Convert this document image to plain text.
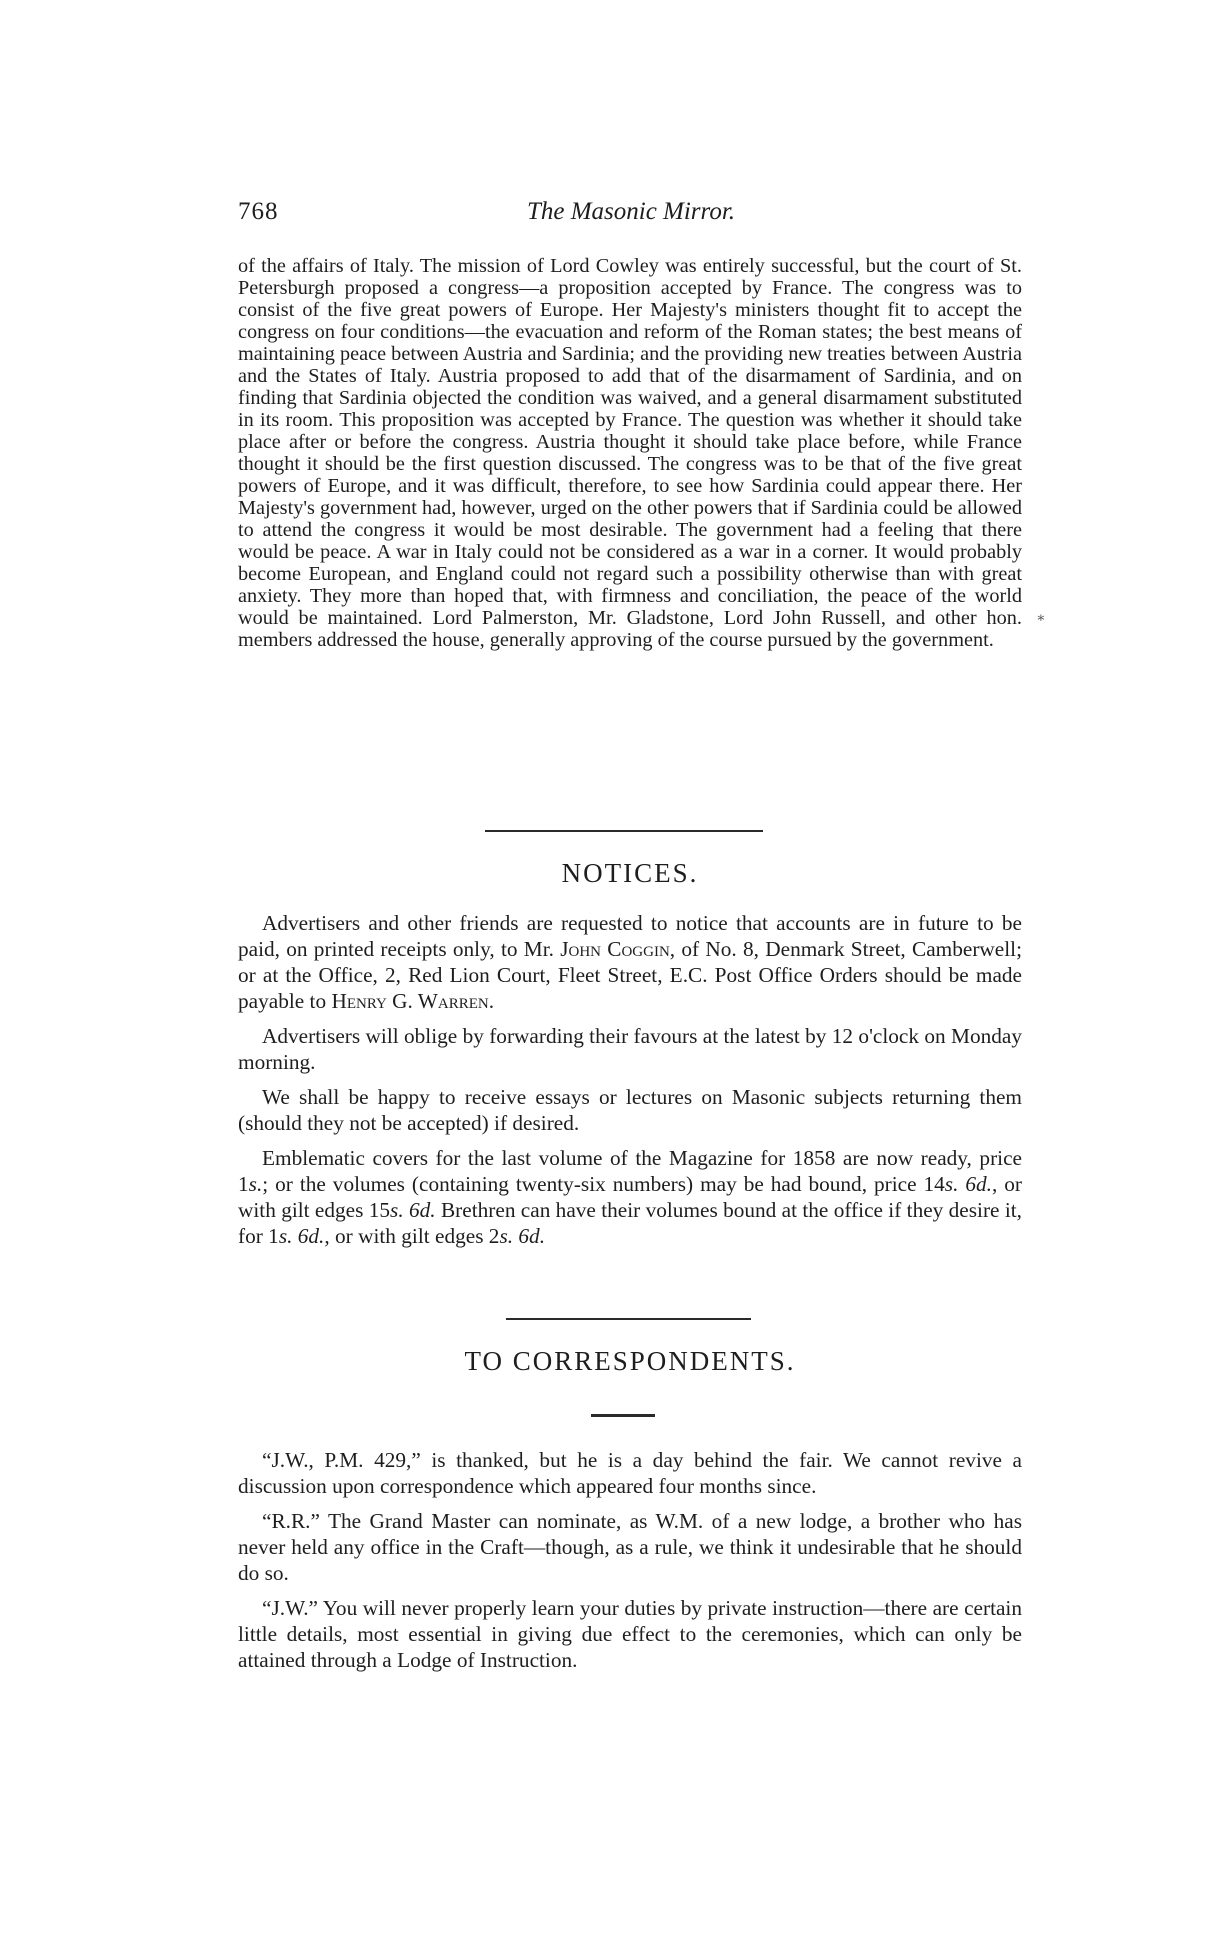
768	The Masonic Mirror.

of the affairs of Italy. The mission of Lord Cowley was entirely successful, but the court of St. Petersburgh proposed a congress—a proposition accepted by France. The congress was to consist of the five great powers of Europe. Her Majesty's ministers thought fit to accept the congress on four conditions—the evacuation and reform of the Roman states; the best means of maintaining peace between Austria and Sardinia; and the providing new treaties between Austria and the States of Italy. Austria proposed to add that of the disarmament of Sardinia, and on finding that Sardinia objected the condition was waived, and a general disarmament substituted in its room. This proposition was accepted by France. The question was whether it should take place after or before the congress. Austria thought it should take place before, while France thought it should be the first question discussed. The congress was to be that of the five great powers of Europe, and it was difficult, therefore, to see how Sardinia could appear there. Her Majesty's government had, however, urged on the other powers that if Sardinia could be allowed to attend the congress it would be most desirable. The government had a feeling that there would be peace. A war in Italy could not be considered as a war in a corner. It would probably become European, and England could not regard such a possibility otherwise than with great anxiety. They more than hoped that, with firmness and conciliation, the peace of the world would be maintained. Lord Palmerston, Mr. Gladstone, Lord John Russell, and other hon. members addressed the house, generally approving of the course pursued by the government.

∗
NOTICES.

Advertisers and other friends are requested to notice that accounts are in future to be paid, on printed receipts only, to Mr. John Coggin, of No. 8, Denmark Street, Camberwell; or at the Office, 2, Red Lion Court, Fleet Street, E.C. Post Office Orders should be made payable to Henry G. Warren.

Advertisers will oblige by forwarding their favours at the latest by 12 o'clock on Monday morning.

We shall be happy to receive essays or lectures on Masonic subjects returning them (should they not be accepted) if desired.

Emblematic covers for the last volume of the Magazine for 1858 are now ready, price 1s.; or the volumes (containing twenty-six numbers) may be had bound, price 14s. 6d., or with gilt edges 15s. 6d. Brethren can have their volumes bound at the office if they desire it, for 1s. 6d., or with gilt edges 2s. 6d.

TO CORRESPONDENTS.

“J.W., P.M. 429,” is thanked, but he is a day behind the fair. We cannot revive a discussion upon correspondence which appeared four months since.

“R.R.” The Grand Master can nominate, as W.M. of a new lodge, a brother who has never held any office in the Craft—though, as a rule, we think it undesirable that he should do so.

“J.W.” You will never properly learn your duties by private instruction—there are certain little details, most essential in giving due effect to the ceremonies, which can only be attained through a Lodge of Instruction.
